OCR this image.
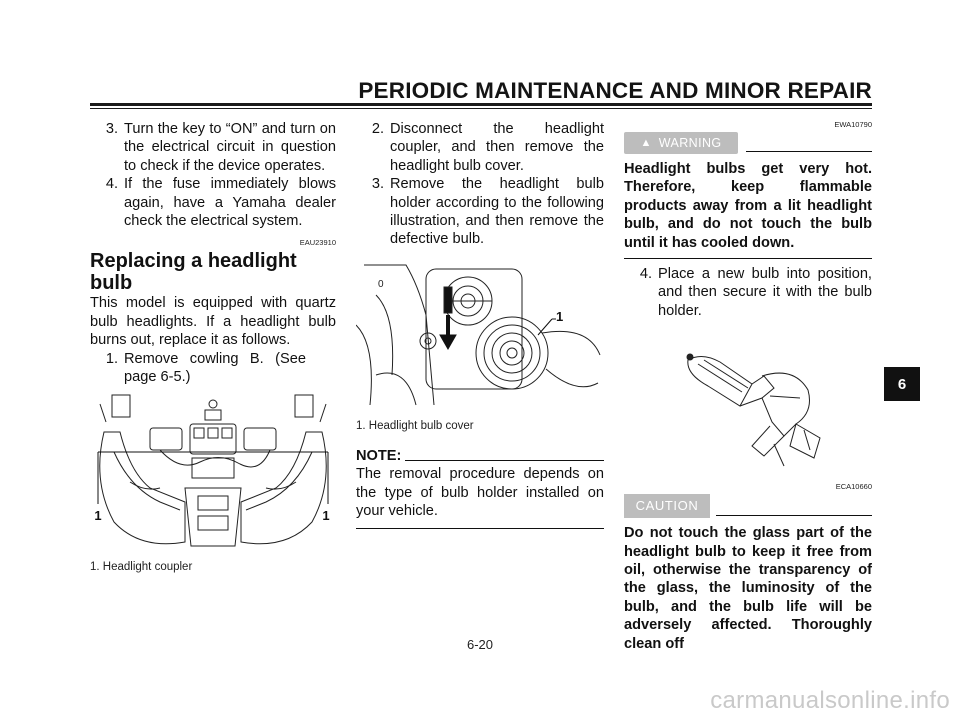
PERIODIC MAINTENANCE AND MINOR REPAIR
3. Turn the key to “ON” and turn on the electrical circuit in question to check if the device operates.
4. If the fuse immediately blows again, have a Yamaha dealer check the electrical system.
EAU23910
Replacing a headlight bulb
This model is equipped with quartz bulb headlights. If a headlight bulb burns out, replace it as follows.
1. Remove cowling B. (See page 6-5.)
1	1
1. Headlight coupler
2. Disconnect the headlight coupler, and then remove the headlight bulb cover.
3. Remove the headlight bulb holder according to the following illustration, and then remove the defective bulb.
0
1
1. Headlight bulb cover
NOTE:
The removal procedure depends on the type of bulb holder installed on your vehicle.
EWA10790
▲ WARNING
Headlight bulbs get very hot. Therefore, keep flammable products away from a lit headlight bulb, and do not touch the bulb until it has cooled down.
4. Place a new bulb into position, and then secure it with the bulb holder.
ECA10660
CAUTION
Do not touch the glass part of the headlight bulb to keep it free from oil, otherwise the transparency of the glass, the luminosity of the bulb, and the bulb life will be adversely affected. Thoroughly clean off
6
6-20
carmanualsonline.info
